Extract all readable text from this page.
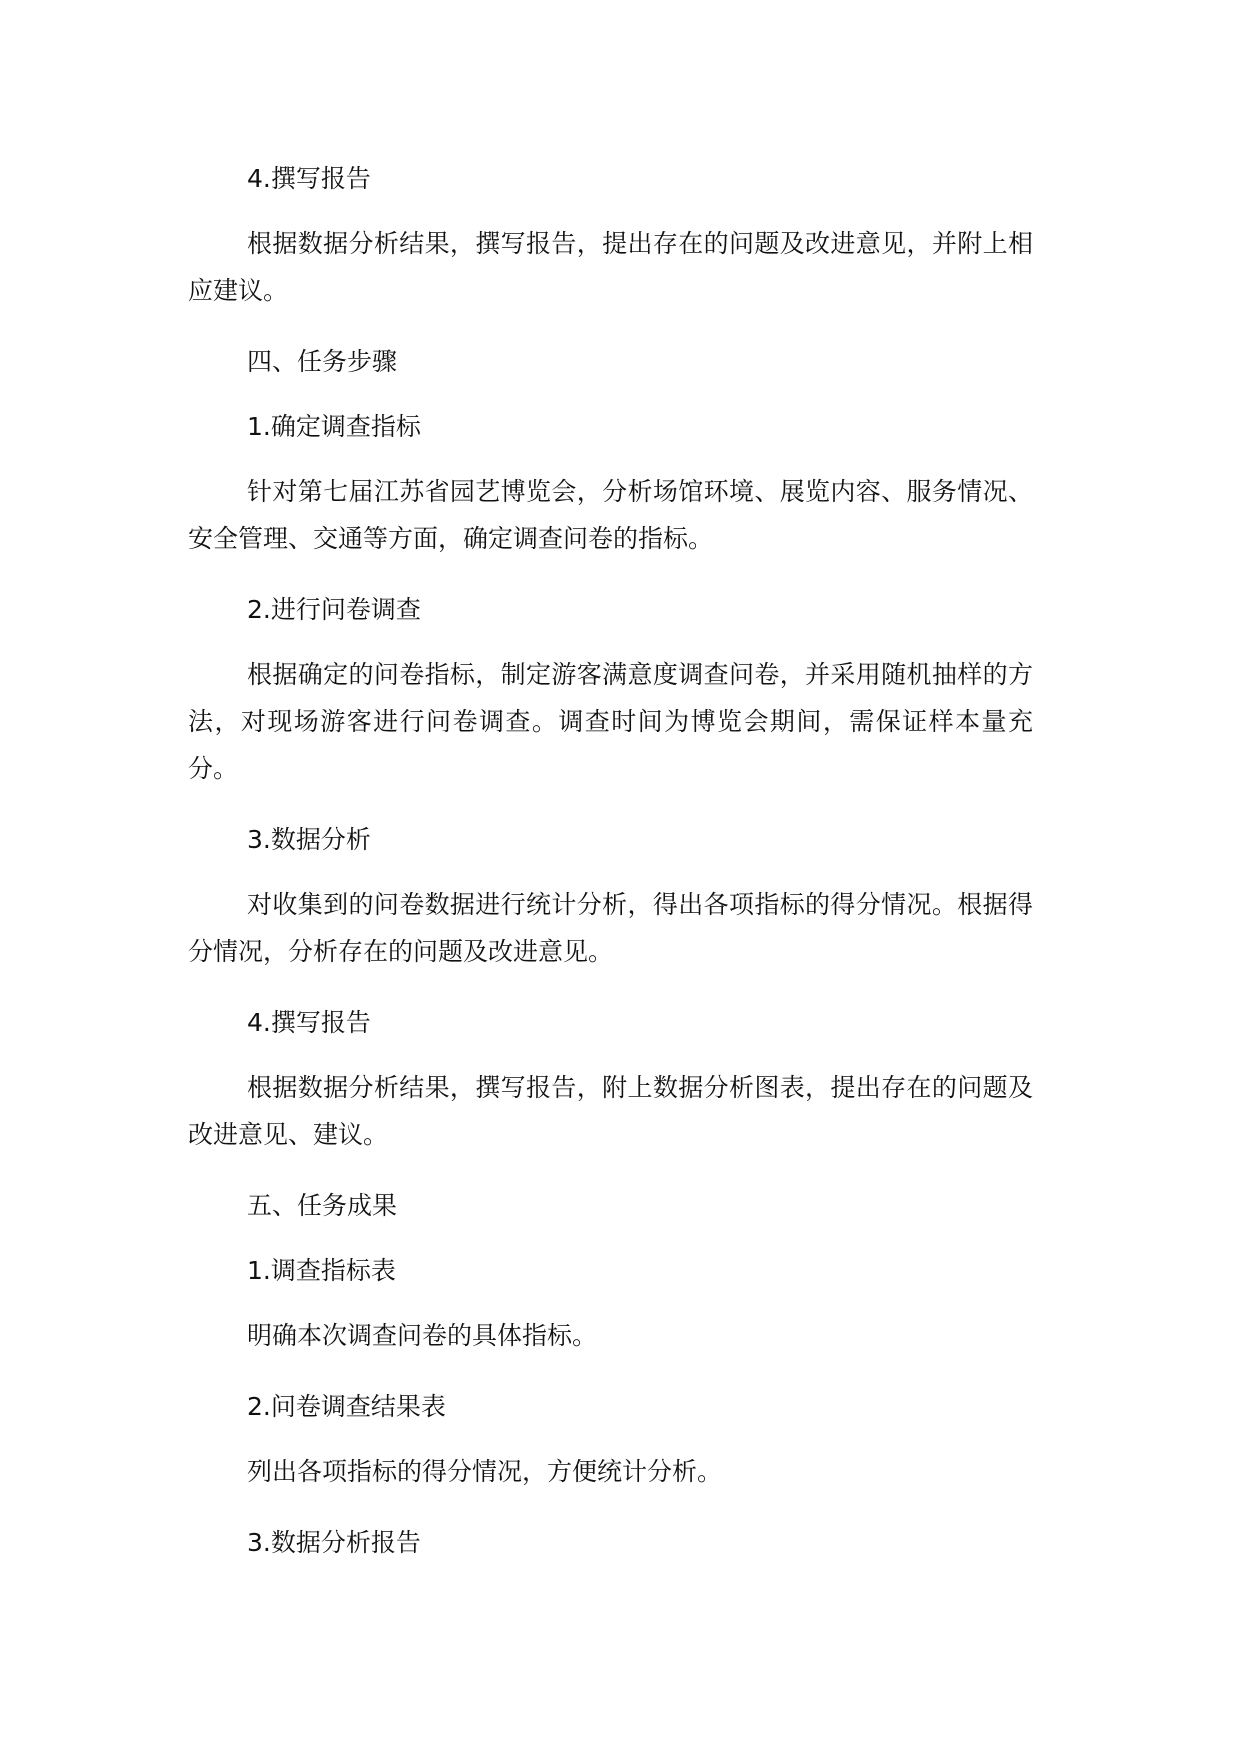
4.撰写报告

根据数据分析结果，撰写报告，提出存在的问题及改进意见，并附上相应建议。

四、任务步骤

1.确定调查指标

针对第七届江苏省园艺博览会，分析场馆环境、展览内容、服务情况、安全管理、交通等方面，确定调查问卷的指标。

2.进行问卷调查

根据确定的问卷指标，制定游客满意度调查问卷，并采用随机抽样的方法，对现场游客进行问卷调查。调查时间为博览会期间，需保证样本量充分。

3.数据分析

对收集到的问卷数据进行统计分析，得出各项指标的得分情况。根据得分情况，分析存在的问题及改进意见。

4.撰写报告

根据数据分析结果，撰写报告，附上数据分析图表，提出存在的问题及改进意见、建议。

五、任务成果

1.调查指标表

明确本次调查问卷的具体指标。

2.问卷调查结果表

列出各项指标的得分情况，方便统计分析。

3.数据分析报告
